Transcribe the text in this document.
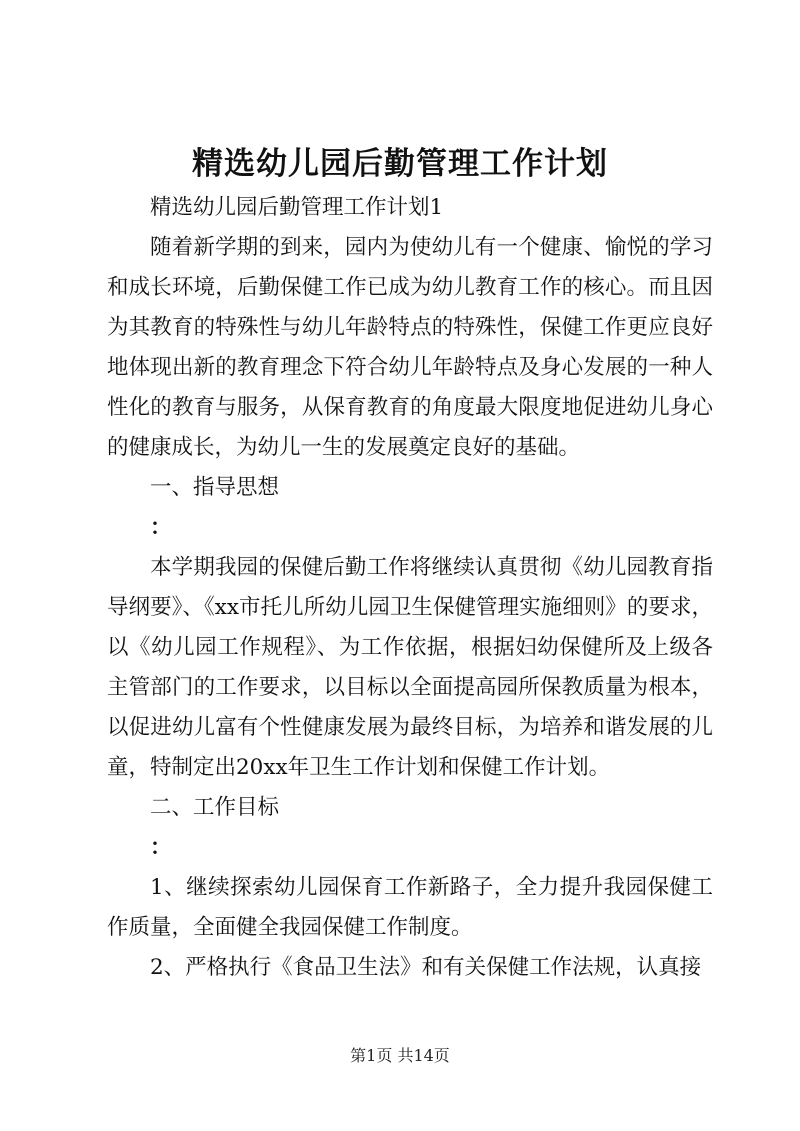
精选幼儿园后勤管理工作计划

精选幼儿园后勤管理工作计划1

随着新学期的到来，园内为使幼儿有一个健康、愉悦的学习和成长环境，后勤保健工作已成为幼儿教育工作的核心。而且因为其教育的特殊性与幼儿年龄特点的特殊性，保健工作更应良好地体现出新的教育理念下符合幼儿年龄特点及身心发展的一种人性化的教育与服务，从保育教育的角度最大限度地促进幼儿身心的健康成长，为幼儿一生的发展奠定良好的基础。

一、指导思想

：

本学期我园的保健后勤工作将继续认真贯彻《幼儿园教育指导纲要》、《xx市托儿所幼儿园卫生保健管理实施细则》的要求，以《幼儿园工作规程》、为工作依据，根据妇幼保健所及上级各主管部门的工作要求，以目标以全面提高园所保教质量为根本，以促进幼儿富有个性健康发展为最终目标，为培养和谐发展的儿童，特制定出20xx年卫生工作计划和保健工作计划。

二、工作目标

：

1、继续探索幼儿园保育工作新路子，全力提升我园保健工作质量，全面健全我园保健工作制度。

2、严格执行《食品卫生法》和有关保健工作法规，认真接

第1页 共14页
